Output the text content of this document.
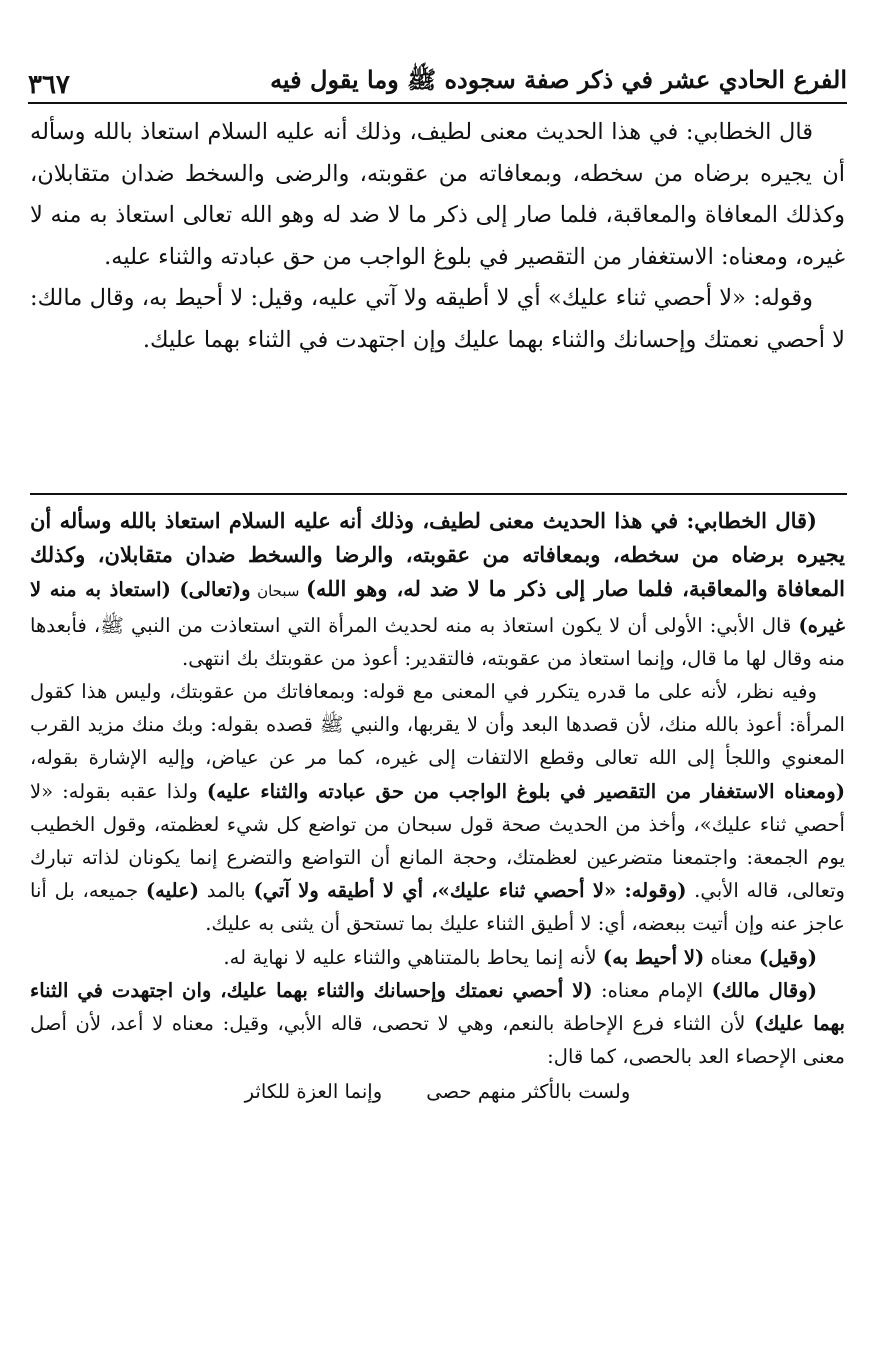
الفرع الحادي عشر في ذكر صفة سجوده ﷺ وما يقول فيه
٣٦٧

قال الخطابي: في هذا الحديث معنى لطيف، وذلك أنه عليه السلام استعاذ بالله وسأله أن يجيره برضاه من سخطه، وبمعافاته من عقوبته، والرضى والسخط ضدان متقابلان، وكذلك المعافاة والمعاقبة، فلما صار إلى ذكر ما لا ضد له وهو الله تعالى استعاذ به منه لا غيره، ومعناه: الاستغفار من التقصير في بلوغ الواجب من حق عبادته والثناء عليه.

وقوله: «لا أحصي ثناء عليك» أي لا أطيقه ولا آتي عليه، وقيل: لا أحيط به، وقال مالك: لا أحصي نعمتك وإحسانك والثناء بهما عليك وإن اجتهدت في الثناء بهما عليك.

(قال الخطابي: في هذا الحديث معنى لطيف، وذلك أنه عليه السلام استعاذ بالله وسأله أن يجيره برضاه من سخطه، وبمعافاته من عقوبته، والرضا والسخط ضدان متقابلان، وكذلك المعافاة والمعاقبة، فلما صار إلى ذكر ما لا ضد له، وهو الله) سبحان و(تعالى) (استعاذ به منه لا غيره) قال الأبي: الأولى أن لا يكون استعاذ به منه لحديث المرأة التي استعاذت من النبي ﷺ، فأبعدها منه وقال لها ما قال، وإنما استعاذ من عقوبته، فالتقدير: أعوذ من عقوبتك بك انتهى.

وفيه نظر، لأنه على ما قدره يتكرر في المعنى مع قوله: وبمعافاتك من عقوبتك، وليس هذا كقول المرأة: أعوذ بالله منك، لأن قصدها البعد وأن لا يقربها، والنبي ﷺ قصده بقوله: وبك منك مزيد القرب المعنوي واللجأ إلى الله تعالى وقطع الالتفات إلى غيره، كما مر عن عياض، وإليه الإشارة بقوله، (ومعناه الاستغفار من التقصير في بلوغ الواجب من حق عبادته والثناء عليه) ولذا عقبه بقوله: «لا أحصي ثناء عليك»، وأخذ من الحديث صحة قول سبحان من تواضع كل شيء لعظمته، وقول الخطيب يوم الجمعة: واجتمعنا متضرعين لعظمتك، وحجة المانع أن التواضع والتضرع إنما يكونان لذاته تبارك وتعالى، قاله الأبي. (وقوله: «لا أحصي ثناء عليك»، أي لا أطيقه ولا آتي) بالمد (عليه) جميعه، بل أنا عاجز عنه وإن أتيت ببعضه، أي: لا أطيق الثناء عليك بما تستحق أن يثنى به عليك.

(وقيل) معناه (لا أحيط به) لأنه إنما يحاط بالمتناهي والثناء عليه لا نهاية له.

(وقال مالك) الإمام معناه: (لا أحصي نعمتك وإحسانك والثناء بهما عليك، وان اجتهدت في الثناء بهما عليك) لأن الثناء فرع الإحاطة بالنعم، وهي لا تحصى، قاله الأبي، وقيل: معناه لا أعد، لأن أصل معنى الإحصاء العد بالحصى، كما قال:

ولست بالأكثر منهم حصى
وإنما العزة للكاثر
